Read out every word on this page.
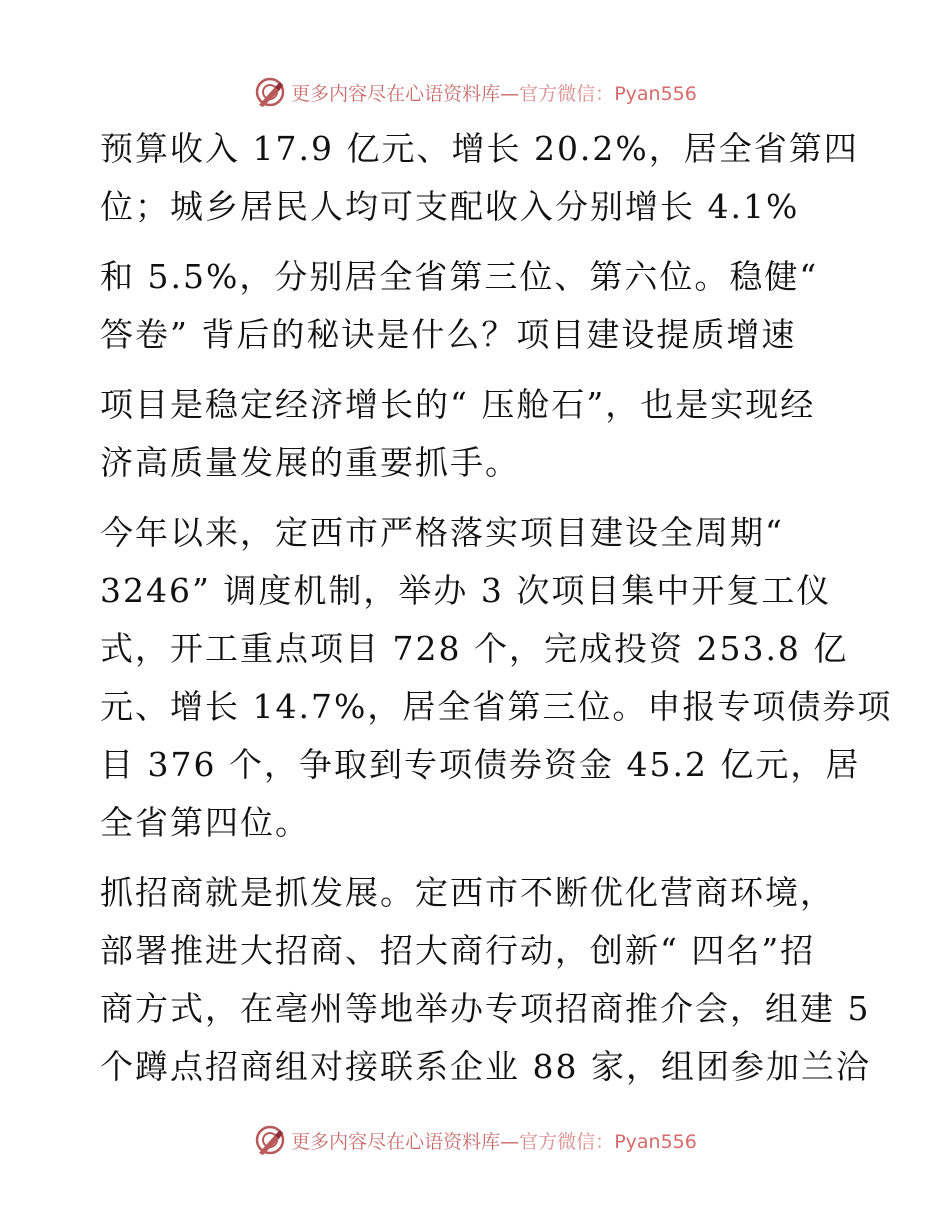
更多内容尽在心语资料库—官方微信：Pyan556
预算收入 17.9 亿元、增长 20.2%，居全省第四
位；城乡居民人均可支配收入分别增长 4.1%
和 5.5%，分别居全省第三位、第六位。稳健“
答卷” 背后的秘诀是什么？项目建设提质增速
项目是稳定经济增长的“ 压舱石”，也是实现经
济高质量发展的重要抓手。
今年以来，定西市严格落实项目建设全周期“
3246” 调度机制，举办 3 次项目集中开复工仪
式，开工重点项目 728 个，完成投资 253.8 亿
元、增长 14.7%，居全省第三位。申报专项债券项
目 376 个，争取到专项债券资金 45.2 亿元，居
全省第四位。
抓招商就是抓发展。定西市不断优化营商环境，
部署推进大招商、招大商行动，创新“ 四名”招
商方式，在亳州等地举办专项招商推介会，组建 5
个蹲点招商组对接联系企业 88 家，组团参加兰洽
更多内容尽在心语资料库—官方微信：Pyan556
